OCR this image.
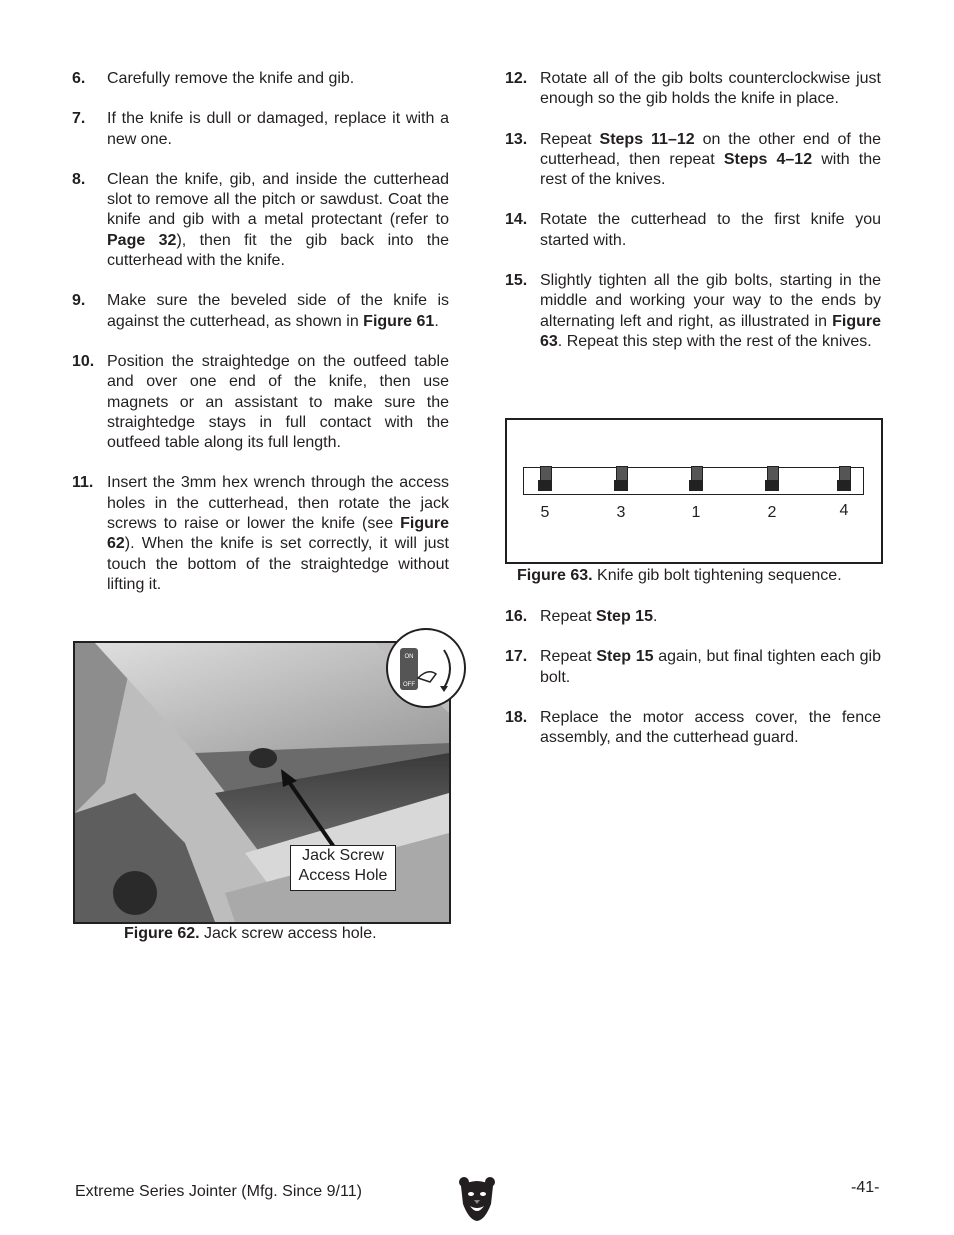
6. Carefully remove the knife and gib.
7. If the knife is dull or damaged, replace it with a new one.
8. Clean the knife, gib, and inside the cutterhead slot to remove all the pitch or sawdust. Coat the knife and gib with a metal protectant (refer to Page 32), then fit the gib back into the cutterhead with the knife.
9. Make sure the beveled side of the knife is against the cutterhead, as shown in Figure 61.
10. Position the straightedge on the outfeed table and over one end of the knife, then use magnets or an assistant to make sure the straightedge stays in full contact with the outfeed table along its full length.
11. Insert the 3mm hex wrench through the access holes in the cutterhead, then rotate the jack screws to raise or lower the knife (see Figure 62). When the knife is set correctly, it will just touch the bottom of the straightedge without lifting it.
ON
OFF
Jack Screw
Access Hole
Figure 62. Jack screw access hole.
12. Rotate all of the gib bolts counterclockwise just enough so the gib holds the knife in place.
13. Repeat Steps 11–12 on the other end of the cutterhead, then repeat Steps 4–12 with the rest of the knives.
14. Rotate the cutterhead to the first knife you started with.
15. Slightly tighten all the gib bolts, starting in the middle and working your way to the ends by alternating left and right, as illustrated in Figure 63. Repeat this step with the rest of the knives.
5	3	1	2	4
Figure 63. Knife gib bolt tightening sequence.
16. Repeat Step 15.
17. Repeat Step 15 again, but final tighten each gib bolt.
18. Replace the motor access cover, the fence assembly, and the cutterhead guard.
Extreme Series Jointer (Mfg. Since 9/11)	-41-
